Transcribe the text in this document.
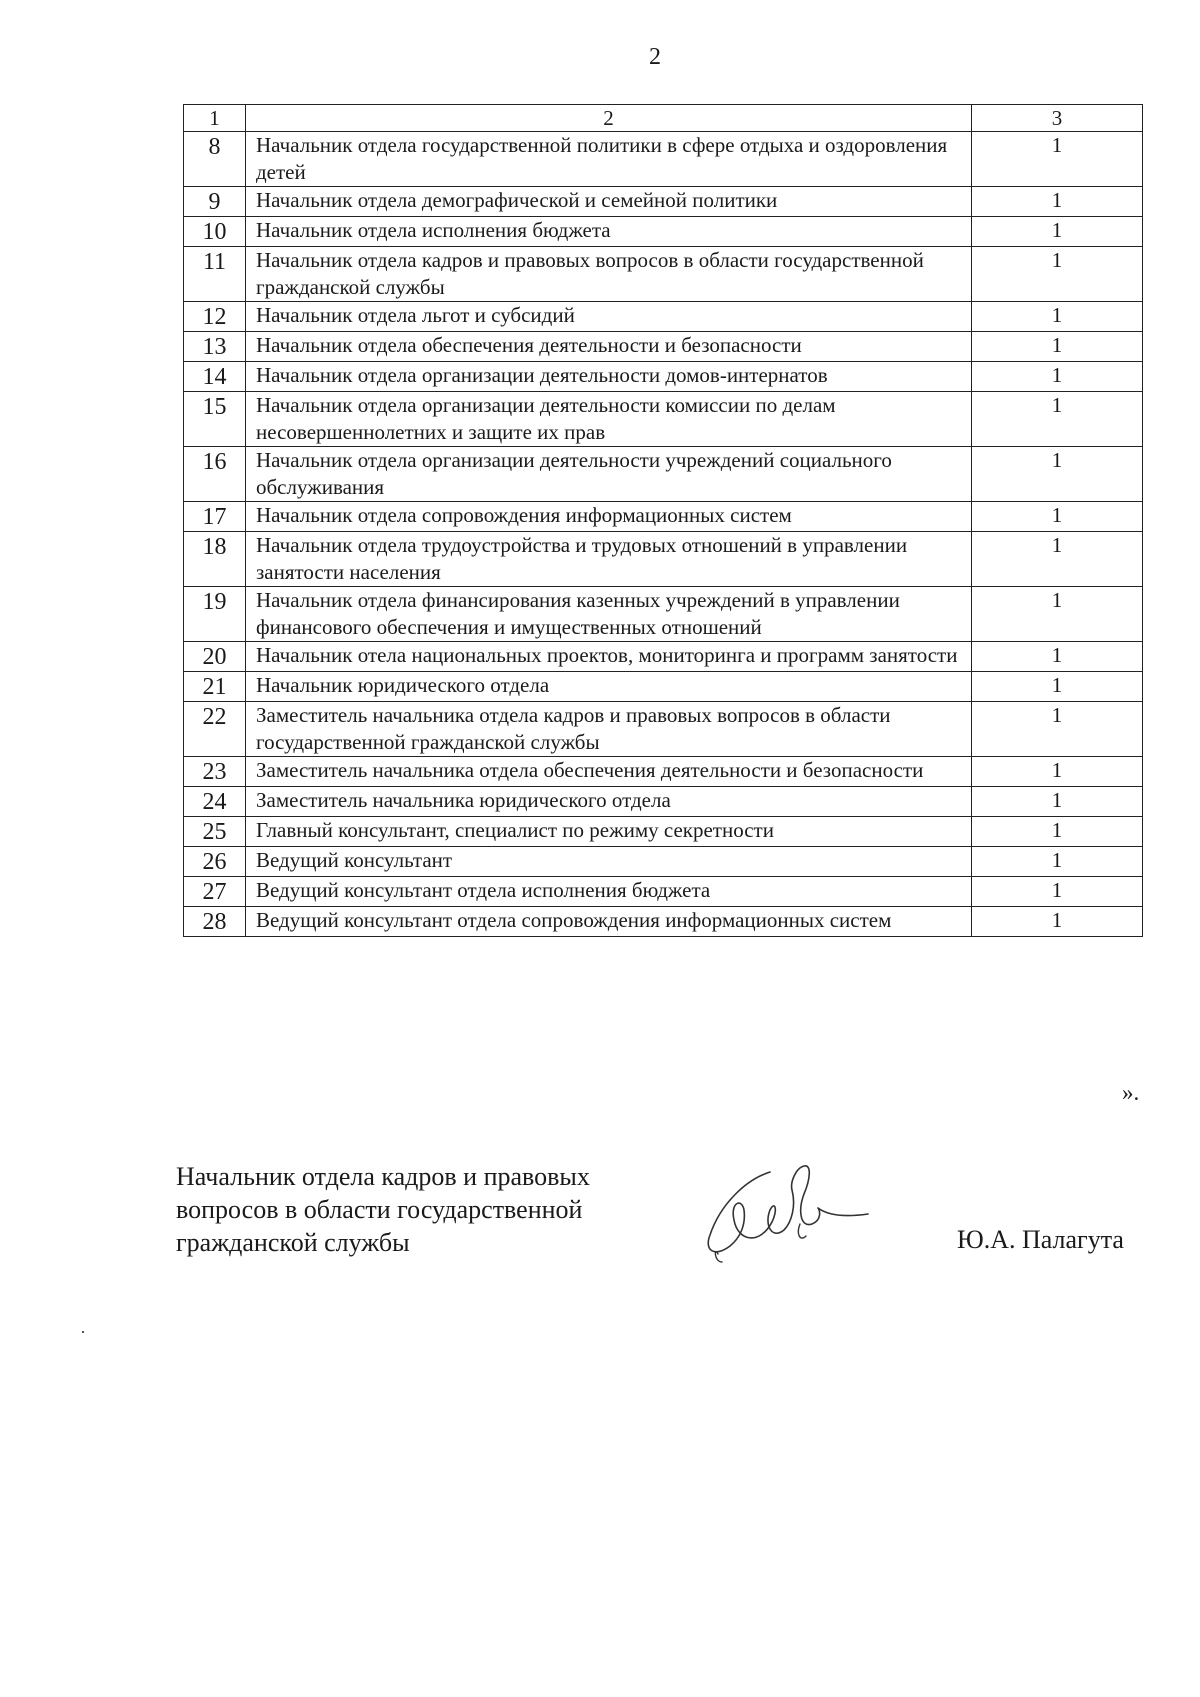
2
1	2	3
8	Начальник отдела государственной политики в сфере отдыха и оздоровления детей	1
9	Начальник отдела демографической и семейной политики	1
10	Начальник отдела исполнения бюджета	1
11	Начальник отдела кадров и правовых вопросов в области государственной гражданской службы	1
12	Начальник отдела льгот и субсидий	1
13	Начальник отдела обеспечения деятельности и безопасности	1
14	Начальник отдела организации деятельности домов-интернатов	1
15	Начальник отдела организации деятельности комиссии по делам несовершеннолетних и защите их прав	1
16	Начальник отдела организации деятельности учреждений социального обслуживания	1
17	Начальник отдела сопровождения информационных систем	1
18	Начальник отдела трудоустройства и трудовых отношений в управлении занятости населения	1
19	Начальник отдела финансирования казенных учреждений в управлении финансового обеспечения и имущественных отношений	1
20	Начальник отела национальных проектов, мониторинга и программ занятости	1
21	Начальник юридического отдела	1
22	Заместитель начальника отдела кадров и правовых вопросов в области государственной гражданской службы	1
23	Заместитель начальника отдела обеспечения деятельности и безопасности	1
24	Заместитель начальника юридического отдела	1
25	Главный консультант, специалист по режиму секретности	1
26	Ведущий консультант	1
27	Ведущий консультант отдела исполнения бюджета	1
28	Ведущий консультант отдела сопровождения информационных систем	1
».
Начальник отдела кадров и правовых
вопросов в области государственной
гражданской службы	Ю.А. Палагута
